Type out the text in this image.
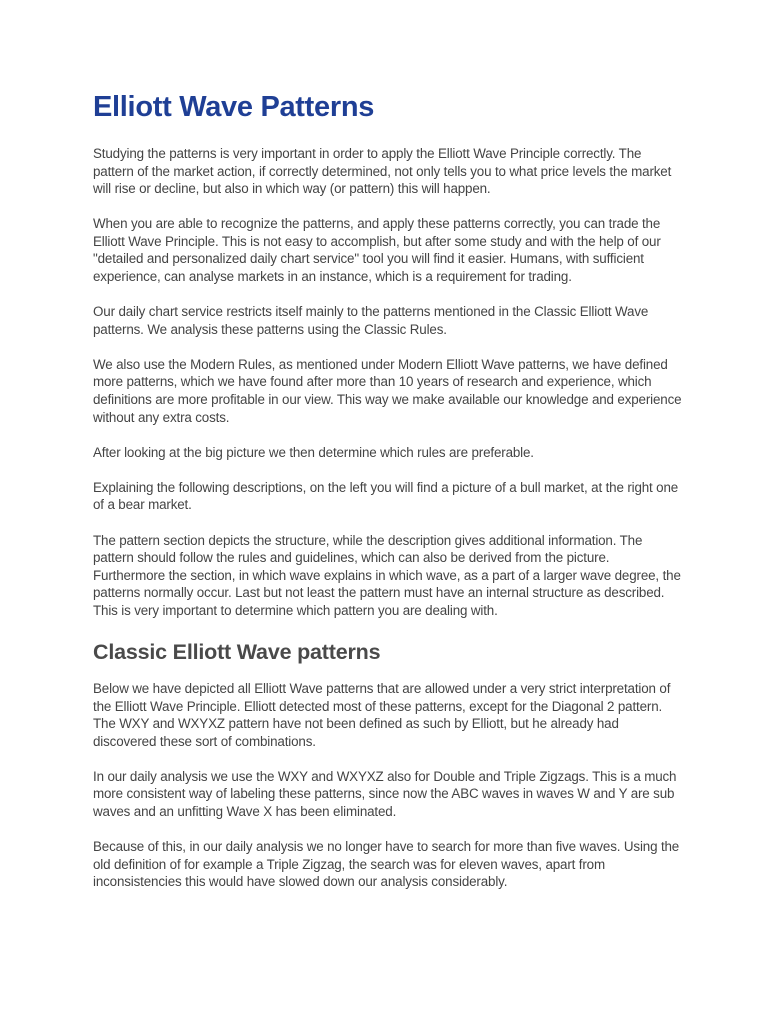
Elliott Wave Patterns

Studying the patterns is very important in order to apply the Elliott Wave Principle correctly. The pattern of the market action, if correctly determined, not only tells you to what price levels the market will rise or decline, but also in which way (or pattern) this will happen.

When you are able to recognize the patterns, and apply these patterns correctly, you can trade the Elliott Wave Principle. This is not easy to accomplish, but after some study and with the help of our "detailed and personalized daily chart service" tool you will find it easier. Humans, with sufficient experience, can analyse markets in an instance, which is a requirement for trading.

Our daily chart service restricts itself mainly to the patterns mentioned in the Classic Elliott Wave patterns. We analysis these patterns using the Classic Rules.

We also use the Modern Rules, as mentioned under Modern Elliott Wave patterns, we have defined more patterns, which we have found after more than 10 years of research and experience, which definitions are more profitable in our view. This way we make available our knowledge and experience without any extra costs.

After looking at the big picture we then determine which rules are preferable.

Explaining the following descriptions, on the left you will find a picture of a bull market, at the right one of a bear market.

The pattern section depicts the structure, while the description gives additional information. The pattern should follow the rules and guidelines, which can also be derived from the picture. Furthermore the section, in which wave explains in which wave, as a part of a larger wave degree, the patterns normally occur. Last but not least the pattern must have an internal structure as described. This is very important to determine which pattern you are dealing with.

Classic Elliott Wave patterns

Below we have depicted all Elliott Wave patterns that are allowed under a very strict interpretation of the Elliott Wave Principle. Elliott detected most of these patterns, except for the Diagonal 2 pattern. The WXY and WXYXZ pattern have not been defined as such by Elliott, but he already had discovered these sort of combinations.

In our daily analysis we use the WXY and WXYXZ also for Double and Triple Zigzags. This is a much more consistent way of labeling these patterns, since now the ABC waves in waves W and Y are sub waves and an unfitting Wave X has been eliminated.

Because of this, in our daily analysis we no longer have to search for more than five waves. Using the old definition of for example a Triple Zigzag, the search was for eleven waves, apart from inconsistencies this would have slowed down our analysis considerably.
